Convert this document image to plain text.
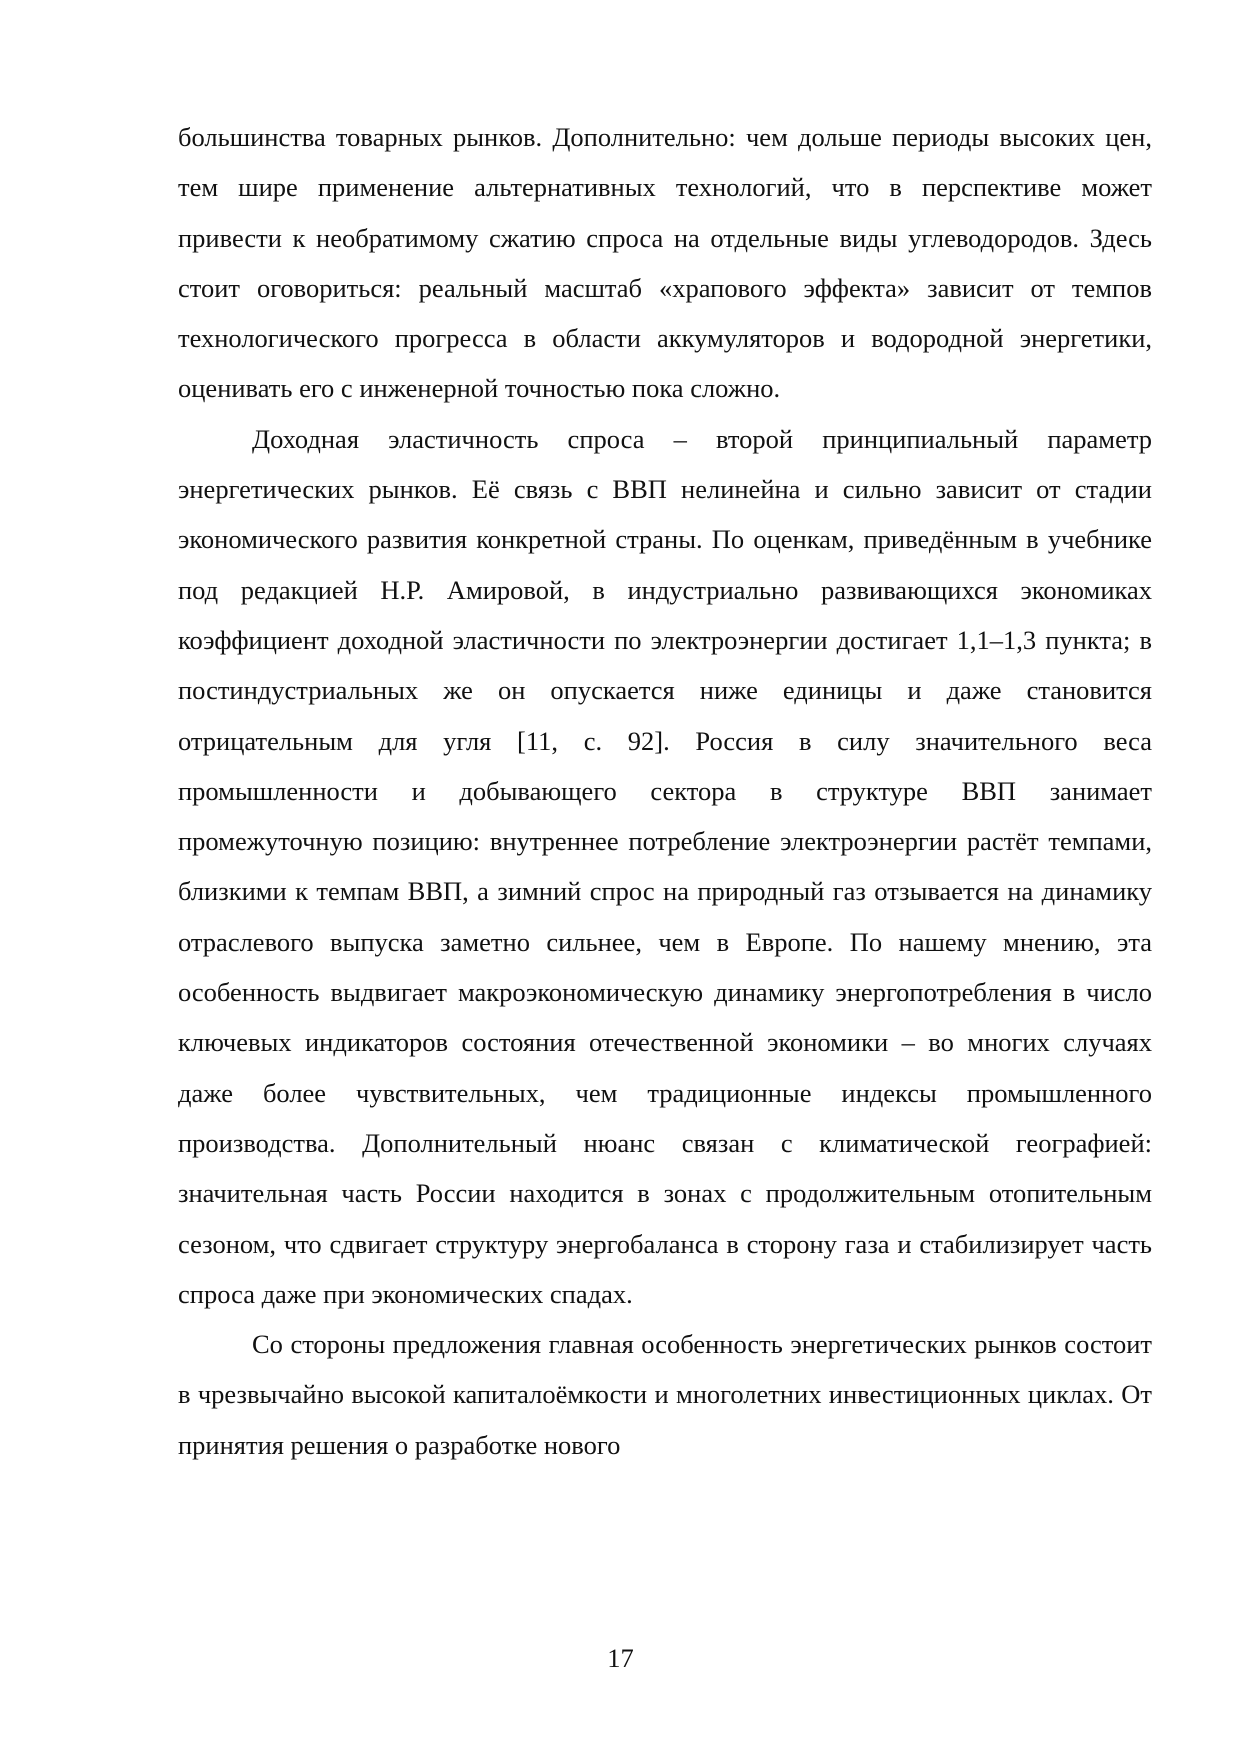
большинства товарных рынков. Дополнительно: чем дольше периоды высоких цен, тем шире применение альтернативных технологий, что в перспективе может привести к необратимому сжатию спроса на отдельные виды углеводородов. Здесь стоит оговориться: реальный масштаб «храпового эффекта» зависит от темпов технологического прогресса в области аккумуляторов и водородной энергетики, оценивать его с инженерной точностью пока сложно.

Доходная эластичность спроса – второй принципиальный параметр энергетических рынков. Её связь с ВВП нелинейна и сильно зависит от стадии экономического развития конкретной страны. По оценкам, приведённым в учебнике под редакцией Н.Р. Амировой, в индустриально развивающихся экономиках коэффициент доходной эластичности по электроэнергии достигает 1,1–1,3 пункта; в постиндустриальных же он опускается ниже единицы и даже становится отрицательным для угля [11, с. 92]. Россия в силу значительного веса промышленности и добывающего сектора в структуре ВВП занимает промежуточную позицию: внутреннее потребление электроэнергии растёт темпами, близкими к темпам ВВП, а зимний спрос на природный газ отзывается на динамику отраслевого выпуска заметно сильнее, чем в Европе. По нашему мнению, эта особенность выдвигает макроэкономическую динамику энергопотребления в число ключевых индикаторов состояния отечественной экономики – во многих случаях даже более чувствительных, чем традиционные индексы промышленного производства. Дополнительный нюанс связан с климатической географией: значительная часть России находится в зонах с продолжительным отопительным сезоном, что сдвигает структуру энергобаланса в сторону газа и стабилизирует часть спроса даже при экономических спадах.

Со стороны предложения главная особенность энергетических рынков состоит в чрезвычайно высокой капиталоёмкости и многолетних инвестиционных циклах. От принятия решения о разработке нового

17
